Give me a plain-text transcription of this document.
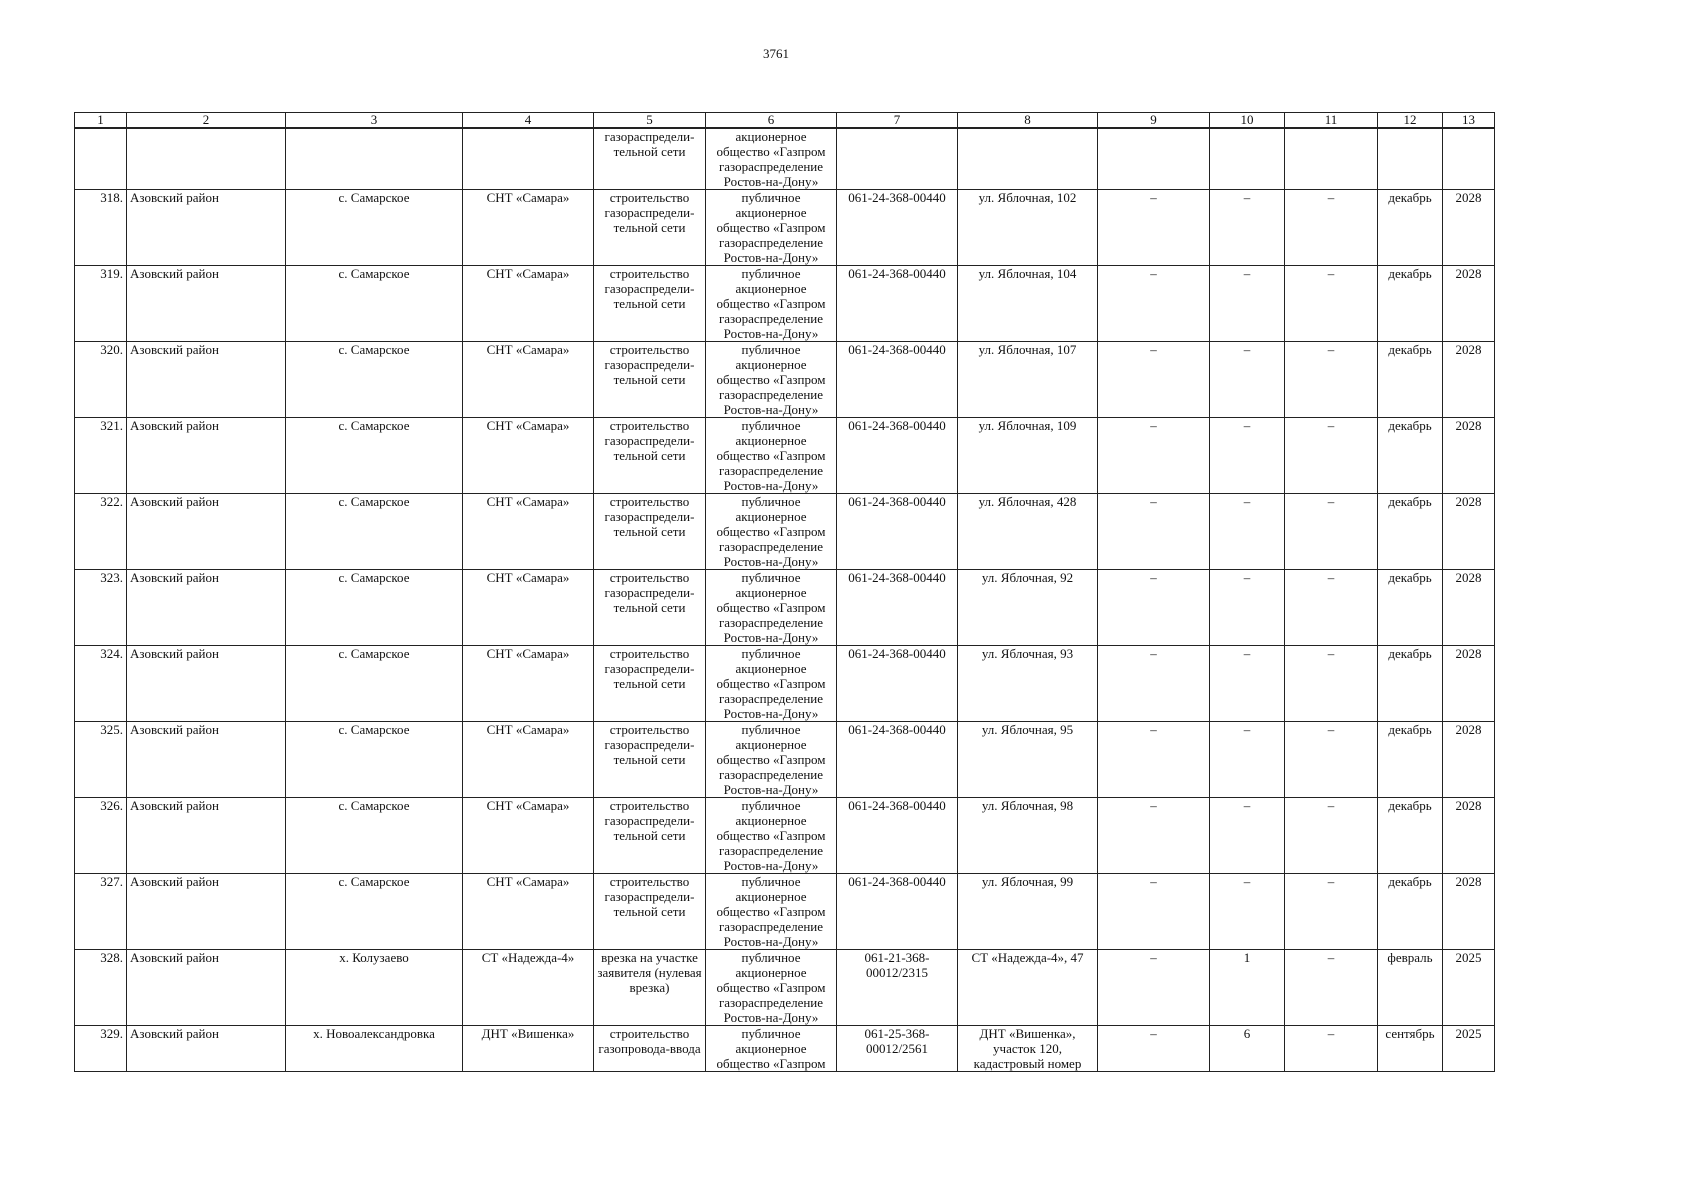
3761
1	2	3	4	5	6	7	8	9	10	11	12	13
				газораспредели-тельной сети	акционерное общество «Газпром газораспределение Ростов-на-Дону»							
318.	Азовский район	с. Самарское	СНТ «Самара»	строительство газораспредели-тельной сети	публичное акционерное общество «Газпром газораспределение Ростов-на-Дону»	061-24-368-00440	ул. Яблочная, 102	–	–	–	декабрь	2028
319.	Азовский район	с. Самарское	СНТ «Самара»	строительство газораспредели-тельной сети	публичное акционерное общество «Газпром газораспределение Ростов-на-Дону»	061-24-368-00440	ул. Яблочная, 104	–	–	–	декабрь	2028
320.	Азовский район	с. Самарское	СНТ «Самара»	строительство газораспредели-тельной сети	публичное акционерное общество «Газпром газораспределение Ростов-на-Дону»	061-24-368-00440	ул. Яблочная, 107	–	–	–	декабрь	2028
321.	Азовский район	с. Самарское	СНТ «Самара»	строительство газораспредели-тельной сети	публичное акционерное общество «Газпром газораспределение Ростов-на-Дону»	061-24-368-00440	ул. Яблочная, 109	–	–	–	декабрь	2028
322.	Азовский район	с. Самарское	СНТ «Самара»	строительство газораспредели-тельной сети	публичное акционерное общество «Газпром газораспределение Ростов-на-Дону»	061-24-368-00440	ул. Яблочная, 428	–	–	–	декабрь	2028
323.	Азовский район	с. Самарское	СНТ «Самара»	строительство газораспредели-тельной сети	публичное акционерное общество «Газпром газораспределение Ростов-на-Дону»	061-24-368-00440	ул. Яблочная, 92	–	–	–	декабрь	2028
324.	Азовский район	с. Самарское	СНТ «Самара»	строительство газораспредели-тельной сети	публичное акционерное общество «Газпром газораспределение Ростов-на-Дону»	061-24-368-00440	ул. Яблочная, 93	–	–	–	декабрь	2028
325.	Азовский район	с. Самарское	СНТ «Самара»	строительство газораспредели-тельной сети	публичное акционерное общество «Газпром газораспределение Ростов-на-Дону»	061-24-368-00440	ул. Яблочная, 95	–	–	–	декабрь	2028
326.	Азовский район	с. Самарское	СНТ «Самара»	строительство газораспредели-тельной сети	публичное акционерное общество «Газпром газораспределение Ростов-на-Дону»	061-24-368-00440	ул. Яблочная, 98	–	–	–	декабрь	2028
327.	Азовский район	с. Самарское	СНТ «Самара»	строительство газораспредели-тельной сети	публичное акционерное общество «Газпром газораспределение Ростов-на-Дону»	061-24-368-00440	ул. Яблочная, 99	–	–	–	декабрь	2028
328.	Азовский район	х. Колузаево	СТ «Надежда-4»	врезка на участке заявителя (нулевая врезка)	публичное акционерное общество «Газпром газораспределение Ростов-на-Дону»	061-21-368-00012/2315	СТ «Надежда-4», 47	–	1	–	февраль	2025
329.	Азовский район	х. Новоалександровка	ДНТ «Вишенка»	строительство газопровода-ввода	публичное акционерное общество «Газпром	061-25-368-00012/2561	ДНТ «Вишенка», участок 120, кадастровый номер	–	6	–	сентябрь	2025
